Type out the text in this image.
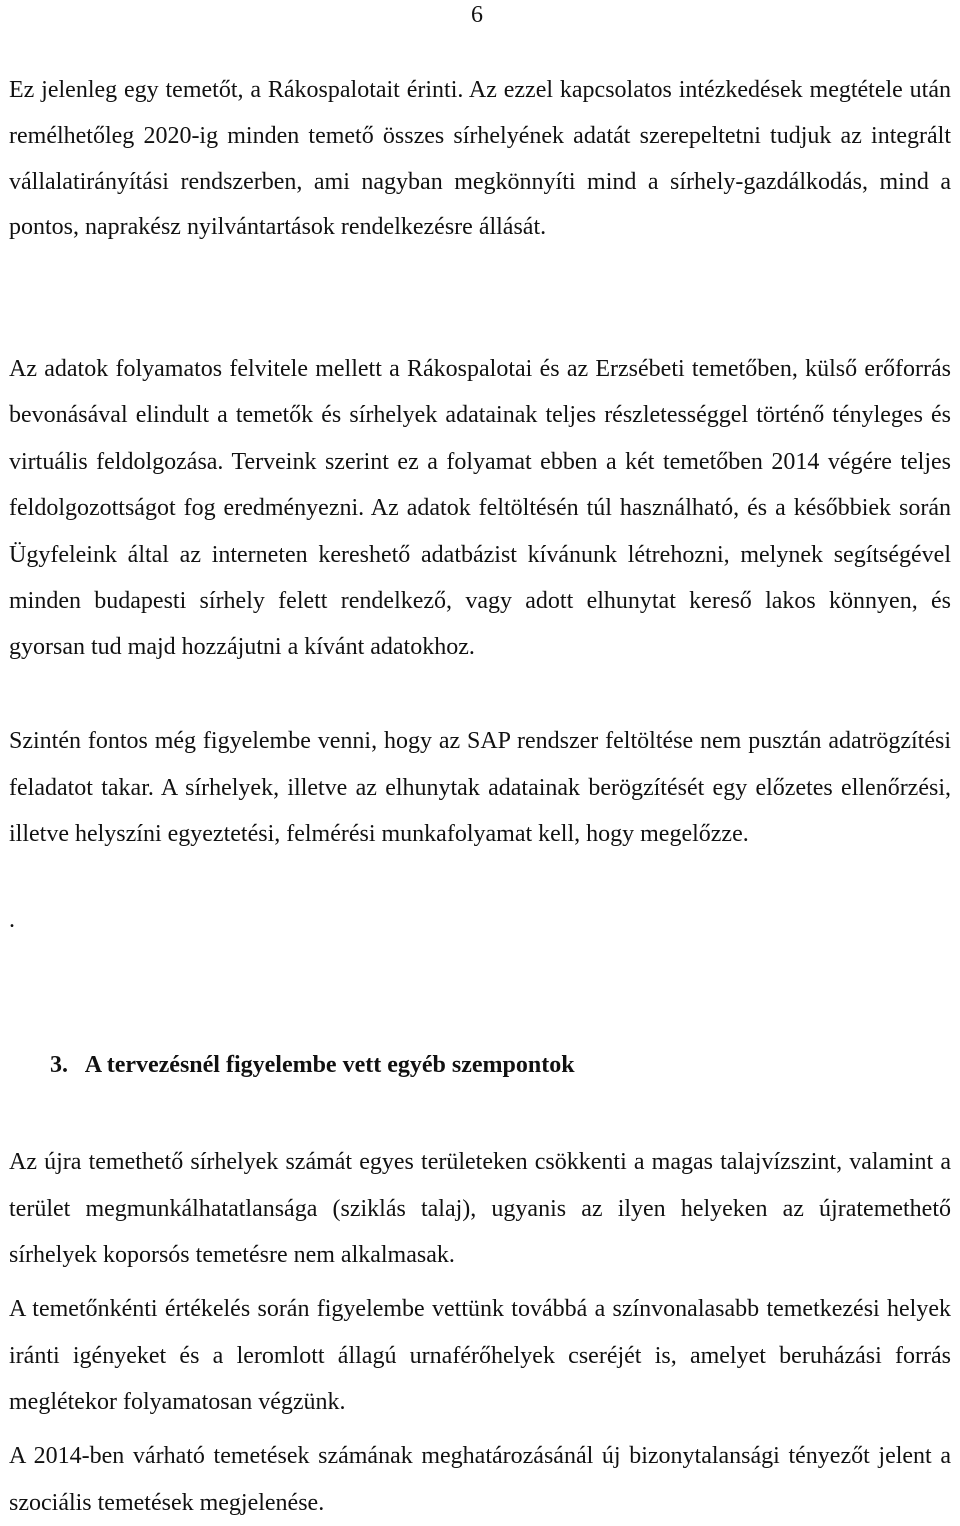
6

Ez jelenleg egy temetőt, a Rákospalotait érinti. Az ezzel kapcsolatos intézkedések megtétele után remélhetőleg 2020-ig minden temető összes sírhelyének adatát szerepeltetni tudjuk az integrált vállalatirányítási rendszerben, ami nagyban megkönnyíti mind a sírhely-gazdálkodás, mind a pontos, naprakész nyilvántartások rendelkezésre állását.

Az adatok folyamatos felvitele mellett a Rákospalotai és az Erzsébeti temetőben, külső erőforrás bevonásával elindult a temetők és sírhelyek adatainak teljes részletességgel történő tényleges és virtuális feldolgozása. Terveink szerint ez a folyamat ebben a két temetőben 2014 végére teljes feldolgozottságot fog eredményezni. Az adatok feltöltésén túl használható, és a későbbiek során Ügyfeleink által az interneten kereshető adatbázist kívánunk létrehozni, melynek segítségével minden budapesti sírhely felett rendelkező, vagy adott elhunytat kereső lakos könnyen, és gyorsan tud majd hozzájutni a kívánt adatokhoz.

Szintén fontos még figyelembe venni, hogy az SAP rendszer feltöltése nem pusztán adatrögzítési feladatot takar. A sírhelyek, illetve az elhunytak adatainak berögzítését egy előzetes ellenőrzési, illetve helyszíni egyeztetési, felmérési munkafolyamat kell, hogy megelőzze.

.

3. A tervezésnél figyelembe vett egyéb szempontok

Az újra temethető sírhelyek számát egyes területeken csökkenti a magas talajvízszint, valamint a terület megmunkálhatatlansága (sziklás talaj), ugyanis az ilyen helyeken az újratemethető sírhelyek koporsós temetésre nem alkalmasak.

A temetőnkénti értékelés során figyelembe vettünk továbbá a színvonalasabb temetkezési helyek iránti igényeket és a leromlott állagú urnaférőhelyek cseréjét is, amelyet beruházási forrás meglétekor folyamatosan végzünk.

A 2014-ben várható temetések számának meghatározásánál új bizonytalansági tényezőt jelent a szociális temetések megjelenése.
